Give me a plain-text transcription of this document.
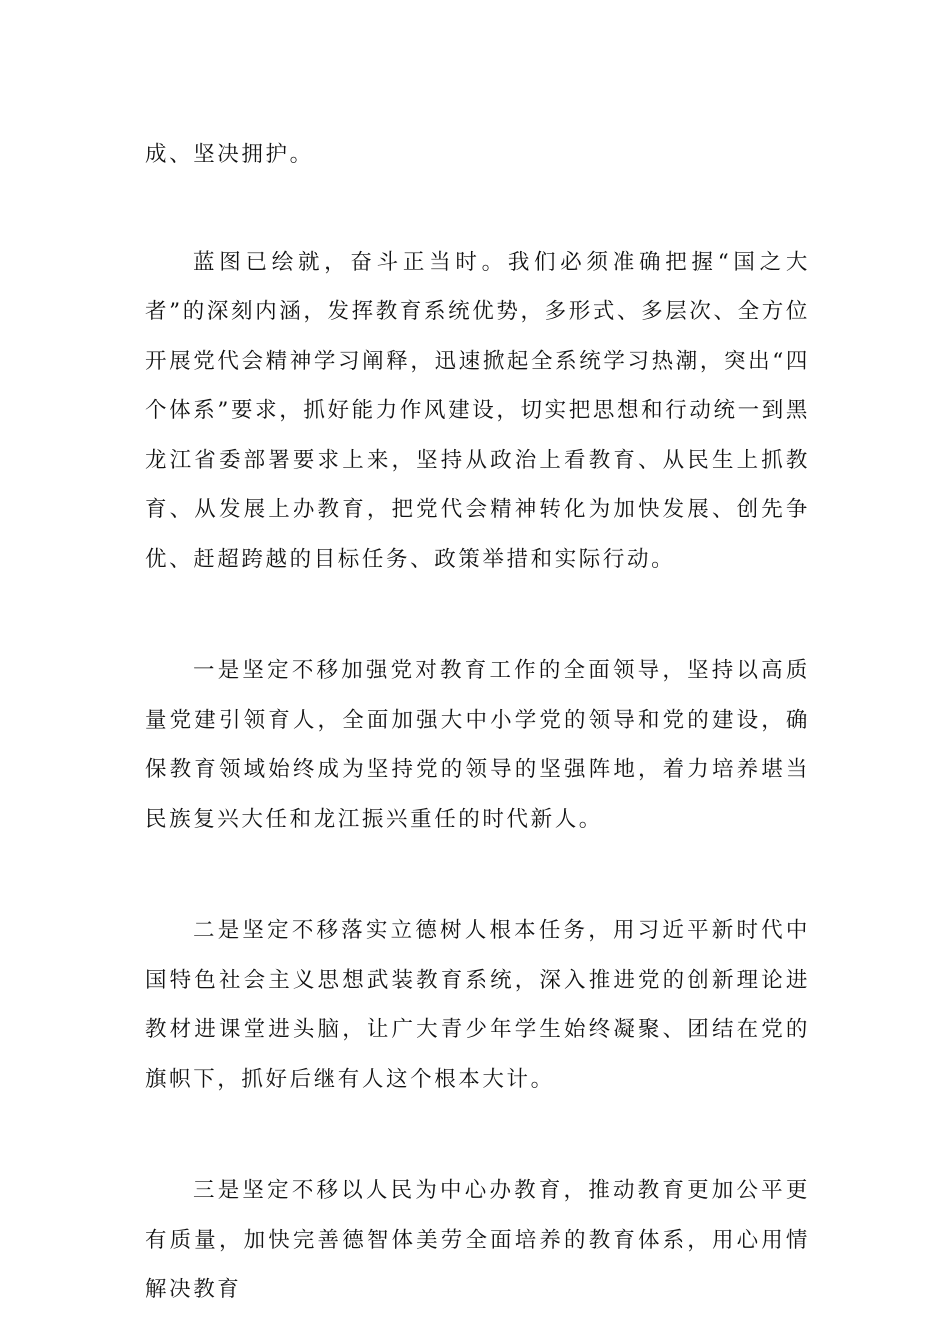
成、坚决拥护。

蓝图已绘就，奋斗正当时。我们必须准确把握“国之大者”的深刻内涵，发挥教育系统优势，多形式、多层次、全方位开展党代会精神学习阐释，迅速掀起全系统学习热潮，突出“四个体系”要求，抓好能力作风建设，切实把思想和行动统一到黑龙江省委部署要求上来，坚持从政治上看教育、从民生上抓教育、从发展上办教育，把党代会精神转化为加快发展、创先争优、赶超跨越的目标任务、政策举措和实际行动。

一是坚定不移加强党对教育工作的全面领导，坚持以高质量党建引领育人，全面加强大中小学党的领导和党的建设，确保教育领域始终成为坚持党的领导的坚强阵地，着力培养堪当民族复兴大任和龙江振兴重任的时代新人。

二是坚定不移落实立德树人根本任务，用习近平新时代中国特色社会主义思想武装教育系统，深入推进党的创新理论进教材进课堂进头脑，让广大青少年学生始终凝聚、团结在党的旗帜下，抓好后继有人这个根本大计。

三是坚定不移以人民为中心办教育，推动教育更加公平更有质量，加快完善德智体美劳全面培养的教育体系，用心用情解决教育
